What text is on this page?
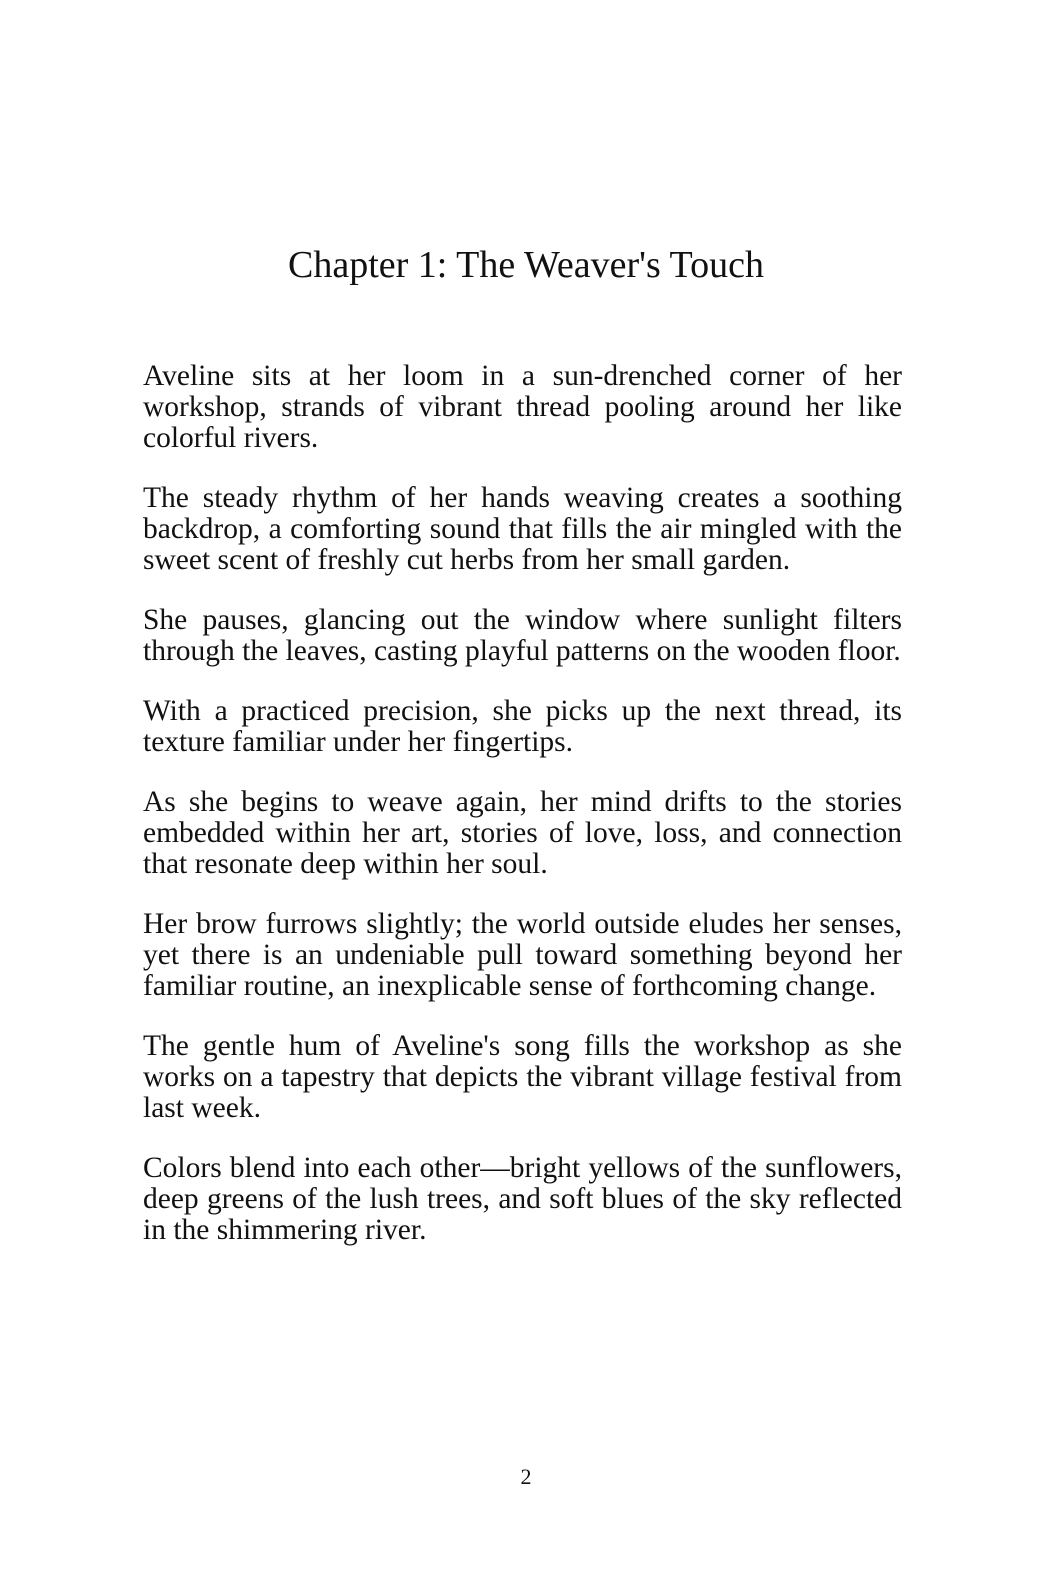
Chapter 1: The Weaver's Touch

Aveline sits at her loom in a sun-drenched corner of her workshop, strands of vibrant thread pooling around her like colorful rivers.

The steady rhythm of her hands weaving creates a soothing backdrop, a comforting sound that fills the air mingled with the sweet scent of freshly cut herbs from her small garden.

She pauses, glancing out the window where sunlight filters through the leaves, casting playful patterns on the wooden floor.

With a practiced precision, she picks up the next thread, its texture familiar under her fingertips.

As she begins to weave again, her mind drifts to the stories embedded within her art, stories of love, loss, and connection that resonate deep within her soul.

Her brow furrows slightly; the world outside eludes her senses, yet there is an undeniable pull toward something beyond her familiar routine, an inexplicable sense of forthcoming change.

The gentle hum of Aveline's song fills the workshop as she works on a tapestry that depicts the vibrant village festival from last week.

Colors blend into each other—bright yellows of the sunflowers, deep greens of the lush trees, and soft blues of the sky reflected in the shimmering river.

2
